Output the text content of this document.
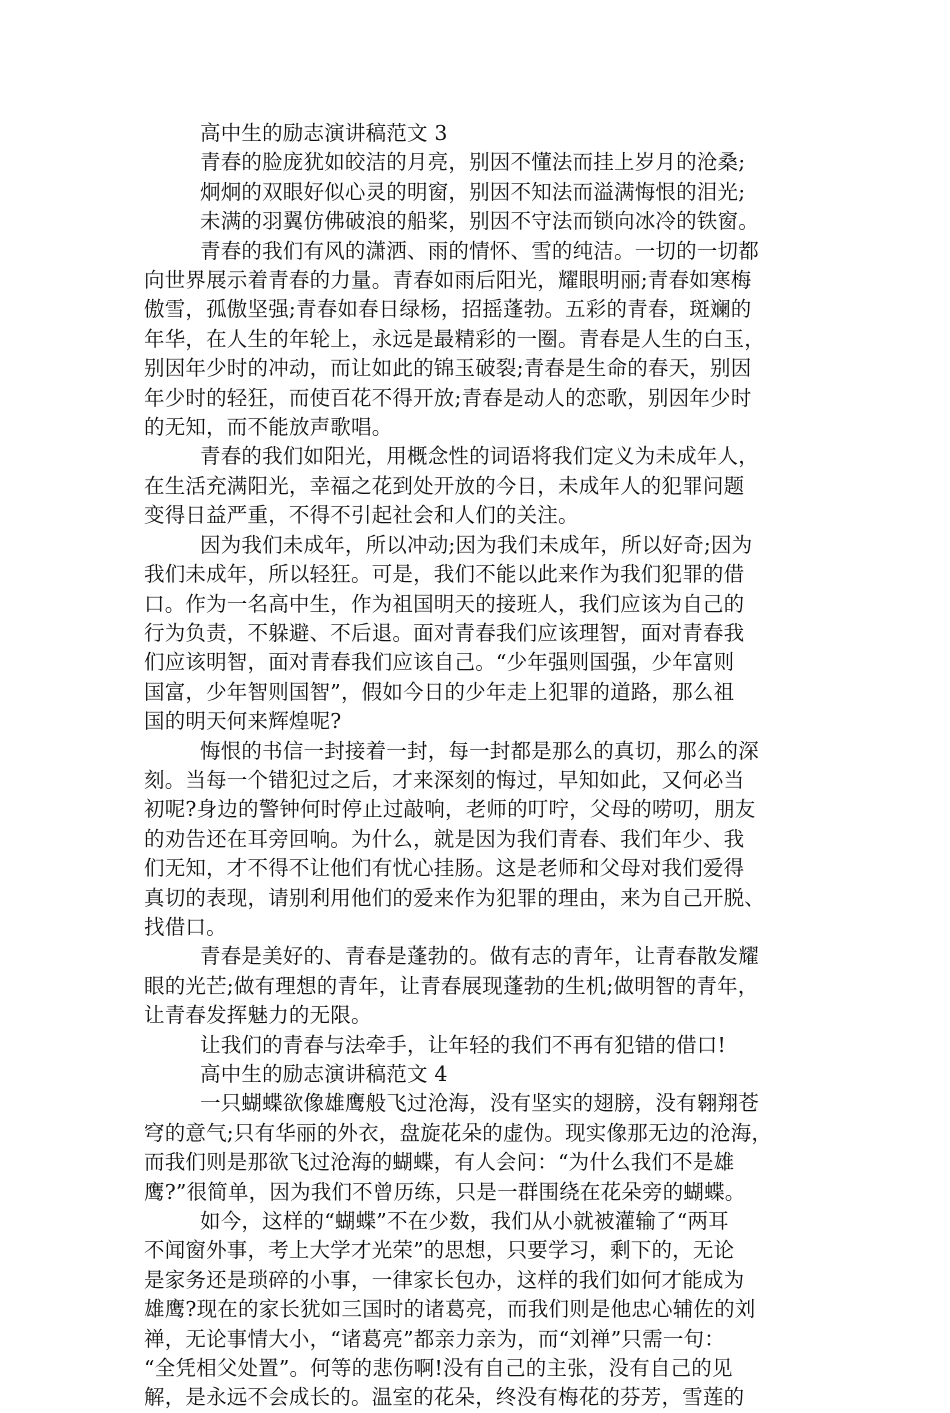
高中生的励志演讲稿范文 3
青春的脸庞犹如皎洁的月亮，别因不懂法而挂上岁月的沧桑;
炯炯的双眼好似心灵的明窗，别因不知法而溢满悔恨的泪光;
未满的羽翼仿佛破浪的船桨，别因不守法而锁向冰冷的铁窗。
青春的我们有风的潇洒、雨的情怀、雪的纯洁。一切的一切都
向世界展示着青春的力量。青春如雨后阳光，耀眼明丽;青春如寒梅
傲雪，孤傲坚强;青春如春日绿杨，招摇蓬勃。五彩的青春，斑斓的
年华，在人生的年轮上，永远是最精彩的一圈。青春是人生的白玉，
别因年少时的冲动，而让如此的锦玉破裂;青春是生命的春天，别因
年少时的轻狂，而使百花不得开放;青春是动人的恋歌，别因年少时
的无知，而不能放声歌唱。
青春的我们如阳光，用概念性的词语将我们定义为未成年人，
在生活充满阳光，幸福之花到处开放的今日，未成年人的犯罪问题
变得日益严重，不得不引起社会和人们的关注。
因为我们未成年，所以冲动;因为我们未成年，所以好奇;因为
我们未成年，所以轻狂。可是，我们不能以此来作为我们犯罪的借
口。作为一名高中生，作为祖国明天的接班人，我们应该为自己的
行为负责，不躲避、不后退。面对青春我们应该理智，面对青春我
们应该明智，面对青春我们应该自己。“少年强则国强，少年富则
国富，少年智则国智”，假如今日的少年走上犯罪的道路，那么祖
国的明天何来辉煌呢?
悔恨的书信一封接着一封，每一封都是那么的真切，那么的深
刻。当每一个错犯过之后，才来深刻的悔过，早知如此，又何必当
初呢?身边的警钟何时停止过敲响，老师的叮咛，父母的唠叨，朋友
的劝告还在耳旁回响。为什么，就是因为我们青春、我们年少、我
们无知，才不得不让他们有忧心挂肠。这是老师和父母对我们爱得
真切的表现，请别利用他们的爱来作为犯罪的理由，来为自己开脱、
找借口。
青春是美好的、青春是蓬勃的。做有志的青年，让青春散发耀
眼的光芒;做有理想的青年，让青春展现蓬勃的生机;做明智的青年，
让青春发挥魅力的无限。
让我们的青春与法牵手，让年轻的我们不再有犯错的借口!
高中生的励志演讲稿范文 4
一只蝴蝶欲像雄鹰般飞过沧海，没有坚实的翅膀，没有翱翔苍
穹的意气;只有华丽的外衣，盘旋花朵的虚伪。现实像那无边的沧海，
而我们则是那欲飞过沧海的蝴蝶，有人会问：“为什么我们不是雄
鹰?”很简单，因为我们不曾历练，只是一群围绕在花朵旁的蝴蝶。
如今，这样的“蝴蝶”不在少数，我们从小就被灌输了“两耳
不闻窗外事，考上大学才光荣”的思想，只要学习，剩下的，无论
是家务还是琐碎的小事，一律家长包办，这样的我们如何才能成为
雄鹰?现在的家长犹如三国时的诸葛亮，而我们则是他忠心辅佐的刘
禅，无论事情大小，“诸葛亮”都亲力亲为，而“刘禅”只需一句：
“全凭相父处置”。何等的悲伤啊!没有自己的主张，没有自己的见
解，是永远不会成长的。温室的花朵，终没有梅花的芬芳，雪莲的
